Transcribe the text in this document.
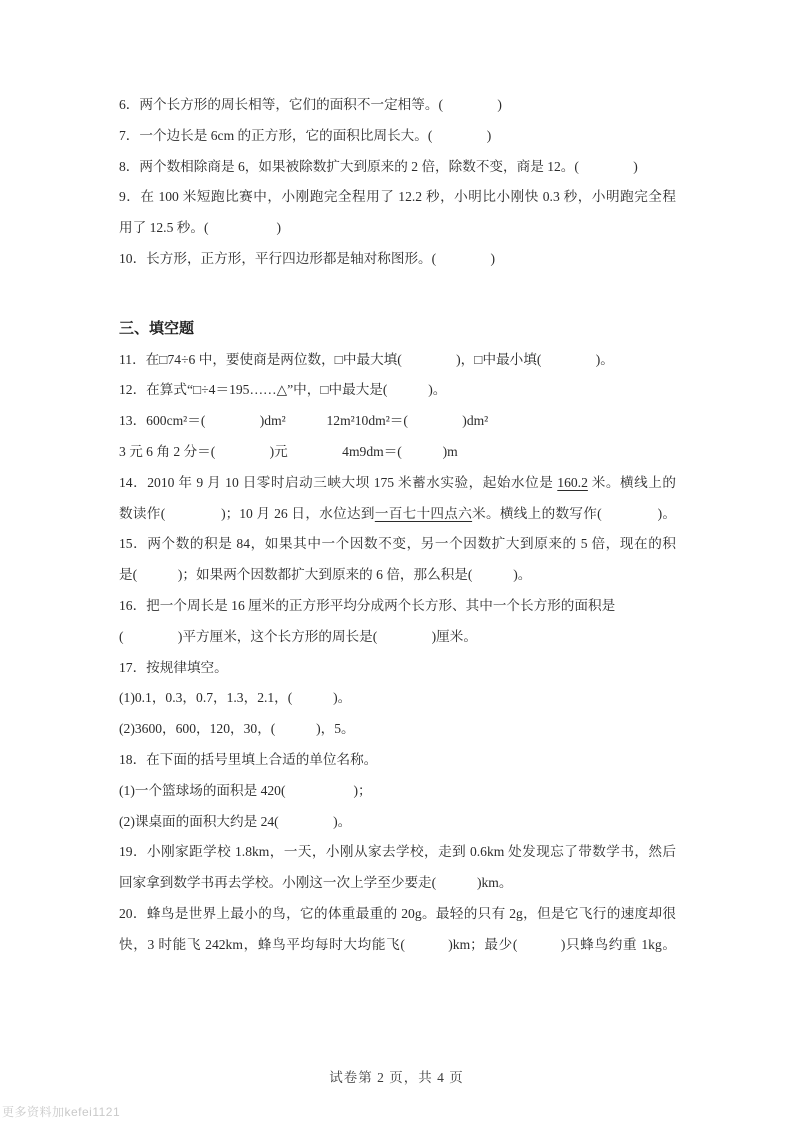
6．两个长方形的周长相等，它们的面积不一定相等。(　　　　)
7．一个边长是 6cm 的正方形，它的面积比周长大。(　　　　)
8．两个数相除商是 6，如果被除数扩大到原来的 2 倍，除数不变，商是 12。(　　　　)
9．在 100 米短跑比赛中，小刚跑完全程用了 12.2 秒，小明比小刚快 0.3 秒，小明跑完全程
用了 12.5 秒。(　　　　　)
10．长方形，正方形，平行四边形都是轴对称图形。(　　　　)
三、填空题
11．在□74÷6 中，要使商是两位数，□中最大填(　　　　)，□中最小填(　　　　)。
12．在算式“□÷4＝195……△”中，□中最大是(　　　)。
13．600cm²＝(　　　　)dm²　　　12m²10dm²＝(　　　　)dm²
3 元 6 角 2 分＝(　　　　)元　　　　4m9dm＝(　　　)m
14．2010 年 9 月 10 日零时启动三峡大坝 175 米蓄水实验，起始水位是 160.2 米。横线上的
数读作(　　　　)；10 月 26 日，水位达到一百七十四点六米。横线上的数写作(　　　　)。
15．两个数的积是 84，如果其中一个因数不变，另一个因数扩大到原来的 5 倍，现在的积
是(　　　)；如果两个因数都扩大到原来的 6 倍，那么积是(　　　)。
16．把一个周长是 16 厘米的正方形平均分成两个长方形、其中一个长方形的面积是
(　　　　)平方厘米，这个长方形的周长是(　　　　)厘米。
17．按规律填空。
(1)0.1，0.3，0.7，1.3，2.1，(　　　)。
(2)3600，600，120，30，(　　　)，5。
18．在下面的括号里填上合适的单位名称。
(1)一个篮球场的面积是 420(　　　　　)；
(2)课桌面的面积大约是 24(　　　　)。
19．小刚家距学校 1.8km，一天，小刚从家去学校，走到 0.6km 处发现忘了带数学书，然后
回家拿到数学书再去学校。小刚这一次上学至少要走(　　　)km。
20．蜂鸟是世界上最小的鸟，它的体重最重的 20g。最轻的只有 2g，但是它飞行的速度却很
快，3 时能飞 242km，蜂鸟平均每时大均能飞(　　　)km；最少(　　　)只蜂鸟约重 1kg。
试卷第 2 页，共 4 页
更多资料加kefei1121
